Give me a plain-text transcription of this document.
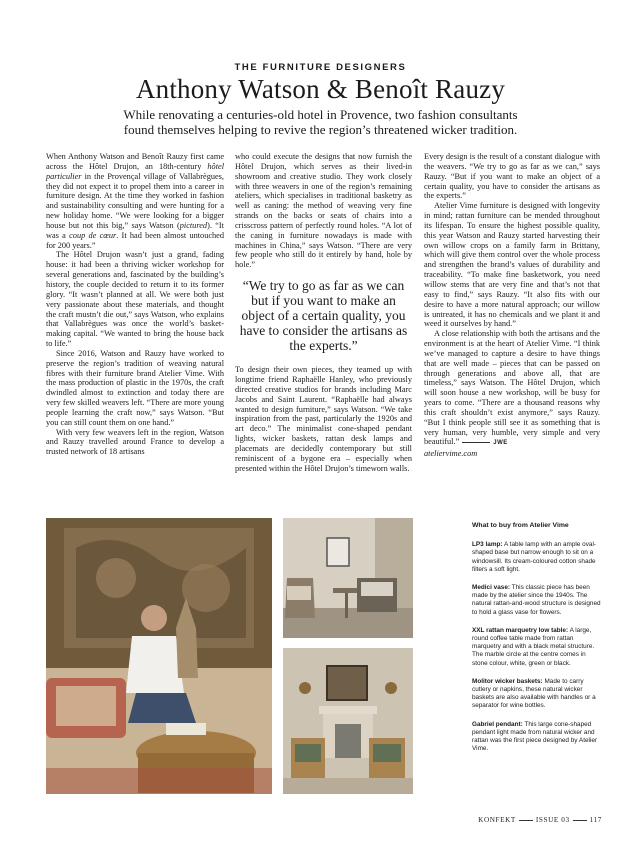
THE FURNITURE DESIGNERS
Anthony Watson & Benoît Rauzy
While renovating a centuries-old hotel in Provence, two fashion consultants found themselves helping to revive the region’s threatened wicker tradition.

When Anthony Watson and Benoît Rauzy first came across the Hôtel Drujon, an 18th-century hôtel particulier in the Provençal village of Vallabrègues, they did not expect it to propel them into a career in furniture design. At the time they worked in fashion and sustainability consulting and were hunting for a new holiday home. “We were looking for a bigger house but not this big,” says Watson (pictured). “It was a coup de cœur. It had been almost untouched for 200 years.”

The Hôtel Drujon wasn’t just a grand, fading house: it had been a thriving wicker workshop for several generations and, fascinated by the building’s history, the couple decided to return it to its former glory. “It wasn’t planned at all. We were both just very passionate about these materials, and thought the craft mustn’t die out,” says Watson, who explains that Vallabrègues was once the world’s basket-making capital. “We wanted to bring the house back to life.”

Since 2016, Watson and Rauzy have worked to preserve the region’s tradition of weaving natural fibres with their furniture brand Atelier Vime. With the mass production of plastic in the 1970s, the craft dwindled almost to extinction and today there are very few skilled weavers left. “There are more young people learning the craft now,” says Watson. “But you can still count them on one hand.”

With very few weavers left in the region, Watson and Rauzy travelled around France to develop a trusted network of 18 artisans

who could execute the designs that now furnish the Hôtel Drujon, which serves as their lived-in showroom and creative studio. They work closely with three weavers in one of the region’s remaining ateliers, which specialises in traditional basketry as well as caning: the method of weaving very fine strands on the backs or seats of chairs into a crisscross pattern of perfectly round holes. “A lot of the caning in furniture nowadays is made with machines in China,” says Watson. “There are very few people who still do it entirely by hand, hole by hole.”

“We try to go as far as we can but if you want to make an object of a certain quality, you have to consider the artisans as the experts.”

To design their own pieces, they teamed up with longtime friend Raphaëlle Hanley, who previously directed creative studios for brands including Marc Jacobs and Saint Laurent. “Raphaëlle had always wanted to design furniture,” says Watson. “We take inspiration from the past, particularly the 1920s and art deco.” The minimalist cone-shaped pendant lights, wicker baskets, rattan desk lamps and placemats are decidedly contemporary but still reminiscent of a bygone era – especially when presented within the Hôtel Drujon’s timeworn walls.

Every design is the result of a constant dialogue with the weavers. “We try to go as far as we can,” says Rauzy. “But if you want to make an object of a certain quality, you have to consider the artisans as the experts.”

Atelier Vime furniture is designed with longevity in mind; rattan furniture can be mended throughout its lifespan. To ensure the highest possible quality, this year Watson and Rauzy started harvesting their own willow crops on a family farm in Brittany, which will give them control over the whole process and strengthen the brand’s values of durability and traceability. “To make fine basketwork, you need willow stems that are very fine and that’s not that easy to find,” says Rauzy. “It also fits with our desire to have a more natural approach; our willow is untreated, it has no chemicals and we plant it and weed it ourselves by hand.”

A close relationship with both the artisans and the environment is at the heart of Atelier Vime. “I think we’ve managed to capture a desire to have things that are well made – pieces that can be passed on through generations and above all, that are timeless,” says Watson. The Hôtel Drujon, which will soon house a new workshop, will be busy for years to come. “There are a thousand reasons why this craft shouldn’t exist anymore,” says Rauzy. “But I think people still see it as something that is very human, very humble, very simple and very beautiful.”	JWE

ateliervime.com

What to buy from Atelier Vime
LP3 lamp: A table lamp with an ample oval-shaped base but narrow enough to sit on a windowsill. Its cream-coloured cotton shade filters a soft light.
Medici vase: This classic piece has been made by the atelier since the 1940s. The natural rattan-and-wood structure is designed to hold a glass vase for flowers.
XXL rattan marquetry low table: A large, round coffee table made from rattan marquetry and with a black metal structure. The marble circle at the centre comes in stone colour, white, green or black.
Molitor wicker baskets: Made to carry cutlery or napkins, these natural wicker baskets are also available with handles or a separator for wine bottles.
Gabriel pendant: This large cone-shaped pendant light made from natural wicker and rattan was the first piece designed by Atelier Vime.
KONFEKT	ISSUE 03	117
